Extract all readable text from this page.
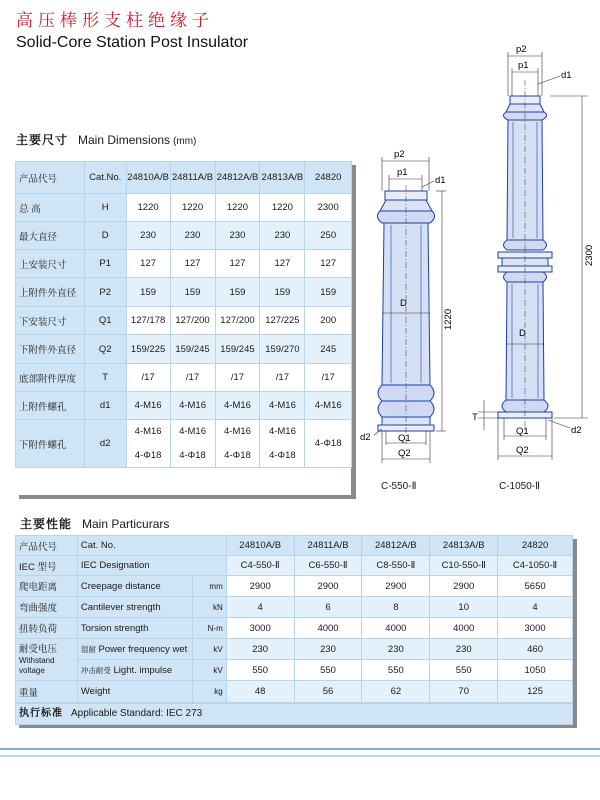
高压棒形支柱绝缘子
Solid-Core Station Post Insulator
主要尺寸 Main Dimensions (mm)
产品代号	Cat.No.	24810A/B	24811A/B	24812A/B	24813A/B	24820
总 高	H	1220	1220	1220	1220	2300
最大直径	D	230	230	230	230	250
上安装尺寸	P1	127	127	127	127	127
上附件外直径	P2	159	159	159	159	159
下安装尺寸	Q1	127/178	127/200	127/200	127/225	200
下附件外直径	Q2	159/225	159/245	159/245	159/270	245
底部附件厚度	T	/17	/17	/17	/17	/17
上附件螺孔	d1	4-M16	4-M16	4-M16	4-M16	4-M16
下附件螺孔	d2	4-M16	4-M16	4-M16	4-M16	4-Φ18
		4-Φ18	4-Φ18	4-Φ18	4-Φ18	
p2
p1
d1
D
1220
d2	Q1
Q2
C-550-Ⅱ
p2
p1
d1
D
2300
T
d2
Q1
Q2
C-1050-Ⅱ
主要性能 Main Particurars
产品代号	Cat. No.		24810A/B	24811A/B	24812A/B	24813A/B	24820
IEC 型号	IEC Designation		C4-550-Ⅱ	C6-550-Ⅱ	C8-550-Ⅱ	C10-550-Ⅱ	C4-1050-Ⅱ
爬电距离	Creepage distance	mm	2900	2900	2900	2900	5650
弯曲强度	Cantilever strength	kN	4	6	8	10	4
扭转负荷	Torsion strength	N-m	3000	4000	4000	4000	3000

耐受电压
Withstand voltage	湿耐 Power frequency wet	kV	230	230	230	230	460
	冲击耐受 Light. impulse	kV	550	550	550	550	1050
重量	Weight	kg	48	56	62	70	125
执行标准 Applicable Standard: IEC 273
